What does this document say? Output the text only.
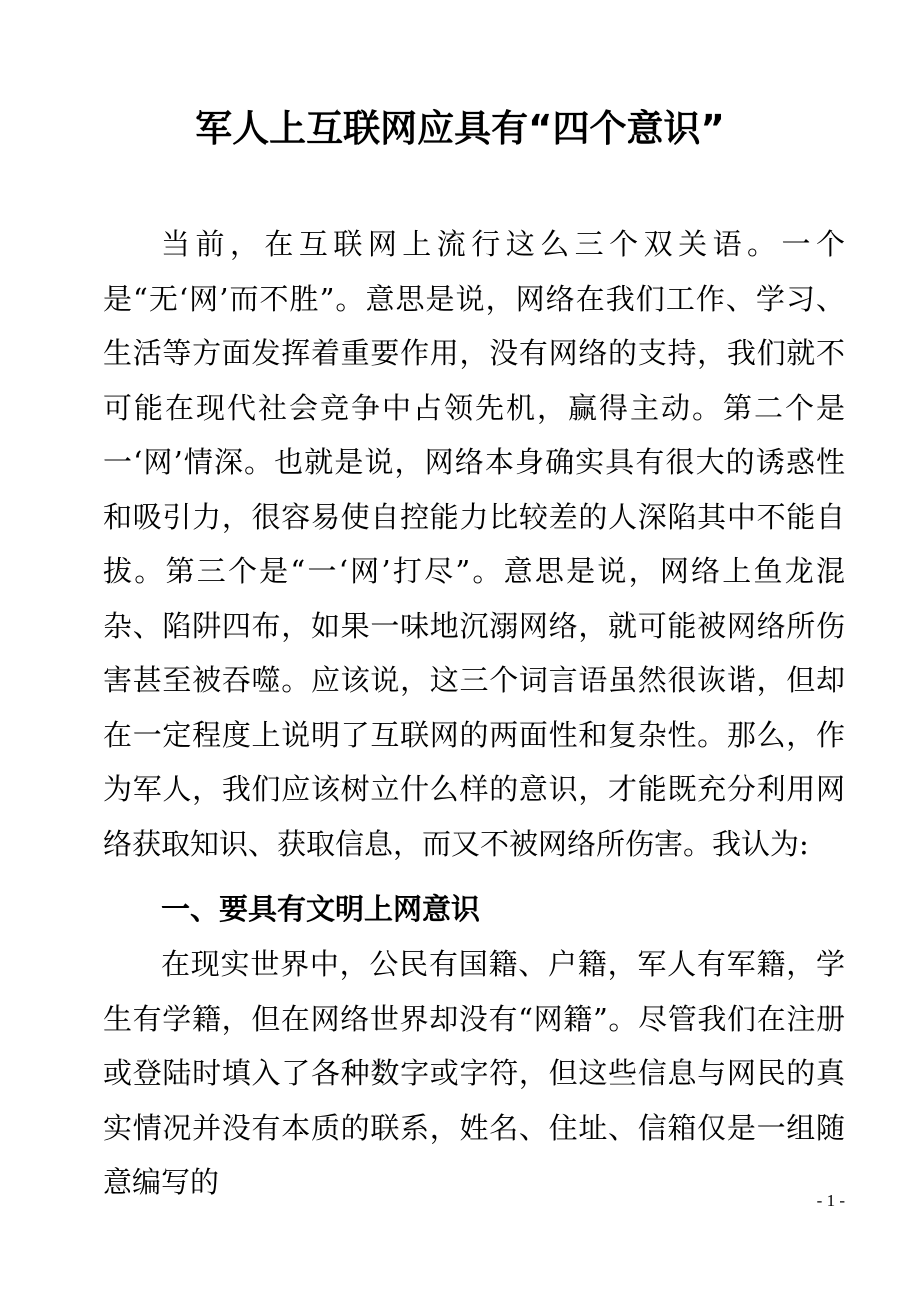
军人上互联网应具有“四个意识”

当前，在互联网上流行这么三个双关语。一个是“无‘网’而不胜”。意思是说，网络在我们工作、学习、生活等方面发挥着重要作用，没有网络的支持，我们就不可能在现代社会竞争中占领先机，赢得主动。第二个是一‘网’情深。也就是说，网络本身确实具有很大的诱惑性和吸引力，很容易使自控能力比较差的人深陷其中不能自拔。第三个是“一‘网’打尽”。意思是说，网络上鱼龙混杂、陷阱四布，如果一味地沉溺网络，就可能被网络所伤害甚至被吞噬。应该说，这三个词言语虽然很诙谐，但却在一定程度上说明了互联网的两面性和复杂性。那么，作为军人，我们应该树立什么样的意识，才能既充分利用网络获取知识、获取信息，而又不被网络所伤害。我认为:

一、要具有文明上网意识

在现实世界中，公民有国籍、户籍，军人有军籍，学生有学籍，但在网络世界却没有“网籍”。尽管我们在注册或登陆时填入了各种数字或字符，但这些信息与网民的真实情况并没有本质的联系，姓名、住址、信箱仅是一组随意编写的

- 1 -
